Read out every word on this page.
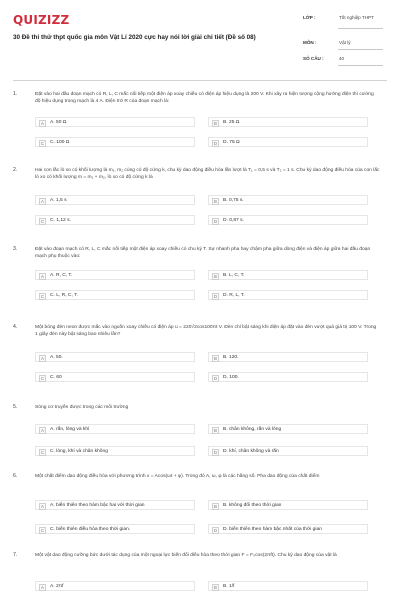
QUIZIZZ
30 Đề thi thử thpt quốc gia môn Vật Lí 2020 cực hay nói lời giải chi tiết (Đề số 08)
LỚP :	Tốt nghiệp THPT
MÔN :	Vật lý
SỐ CÂU :	40
1.	Đặt vào hai đầu đoạn mạch có R, L, C mắc nối tiếp một điện áp xoay chiều có điện áp hiệu dụng là 200 V. Khi xảy ra hiện tượng cộng hưởng điện thì cường độ hiệu dụng trong mạch là 4 A. Điện trở R của đoạn mạch là:
A	A. 50 Ω	B	B. 25 Ω
C	C. 100 Ω	D	D. 75 Ω
2.	Hai con lắc lò xo có khối lượng là m₁, m₂ cùng có độ cứng k, chu kỳ dao động điều hòa lần lượt là T₁ = 0,5 s và T₂ = 1 s. Chu kỳ dao động điều hòa của con lắc lò xo có khối lượng m = m₁ + m₂, lò xo có độ cứng k là
A	A. 1,5 s	B	B. 0,75 s.
C	C. 1,12 s.	D	D. 0,87 s.
3.	Đặt vào đoạn mạch có R, L, C mắc nối tiếp một điện áp xoay chiều có chu kỳ T. Sự nhanh pha hay chậm pha giữa dòng điện và điện áp giữa hai đầu đoạn mạch phụ thuộc vào:
A	A. R, C, T.	B	B. L, C, T.
C	C. L, R, C, T.	D	D. R, L, T.
4.	Một bóng đèn neon được mắc vào nguồn xoay chiều có điện áp u = 220√2cos100πt V. Đèn chỉ bật sáng khi điện áp đặt vào đèn vượt quá giá trị 100 V. Trong 1 giây đèn này bật sáng bao nhiêu lần?
A	A. 50.	B	B. 120.
C	C. 60	D	D. 100.
5.	Sóng cơ truyền được trong các môi trường
A	A. rắn, lỏng và khí	B	B. chân không, rắn và lỏng
C	C. lỏng, khí và chân không	D	D. khí, chân không và rắn
6.	Một chất điểm dao động điều hòa với phương trình x = Acos(ωt + φ). Trong đó A, ω, φ là các hằng số. Pha dao động của chất điểm
A	A. biến thiên theo hàm bậc hai với thời gian	B	B. không đổi theo thời gian
C	C. biến thiên điều hòa theo thời gian.	D	D. biến thiên theo hàm bậc nhất của thời gian
7.	Một vật dao động cưỡng bức dưới tác dụng của một ngoại lực biến đổi điều hòa theo thời gian F = F₀cos(2πft). Chu kỳ dao động của vật là
A	A. 2πf	B	B. 1/f
